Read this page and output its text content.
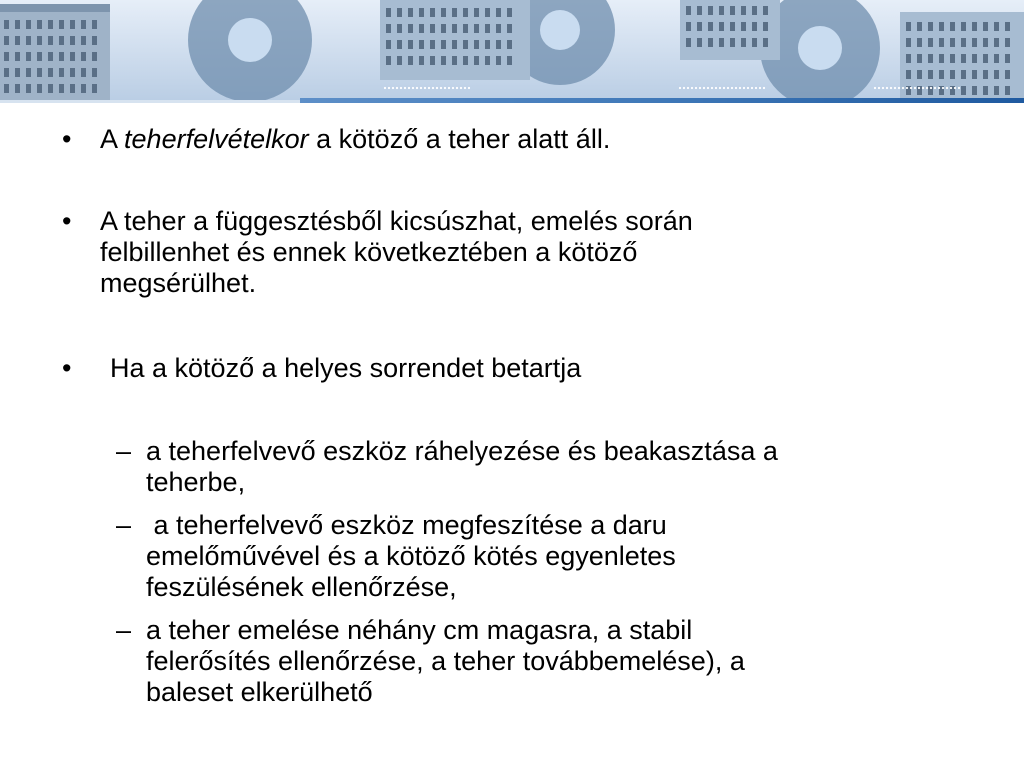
• A teherfelvételkor a kötöző a teher alatt áll.
• A teher a függesztésből kicsúszhat, emelés során
felbillenhet és ennek következtében a kötöző
megsérülhet.
• Ha a kötöző a helyes sorrendet betartja
– a teherfelvevő eszköz ráhelyezése és beakasztása a
teherbe,
– a teherfelvevő eszköz megfeszítése a daru
emelőművével és a kötöző kötés egyenletes
feszülésének ellenőrzése,
– a teher emelése néhány cm magasra, a stabil
felerősítés ellenőrzése, a teher továbbemelése), a
baleset elkerülhető
